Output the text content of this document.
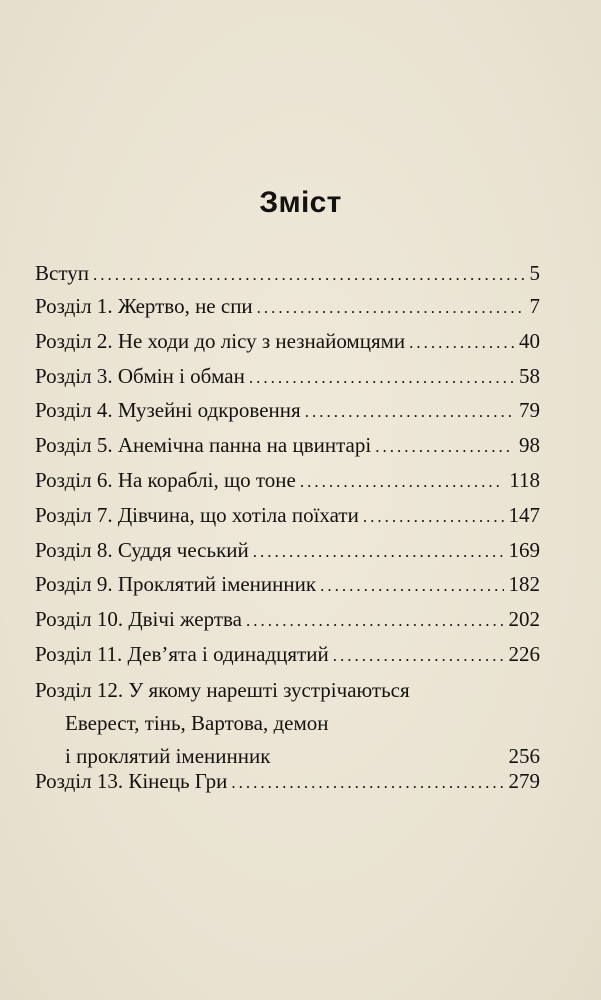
Зміст
Вступ .....	5
Розділ 1. Жертво, не спи .....	7
Розділ 2. Не ходи до лісу з незнайомцями .....	40
Розділ 3. Обмін і обман .....	58
Розділ 4. Музейні одкровення .....	79
Розділ 5. Анемічна панна на цвинтарі .....	98
Розділ 6. На кораблі, що тоне .....	118
Розділ 7. Дівчина, що хотіла поїхати .....	147
Розділ 8. Суддя чеський .....	169
Розділ 9. Проклятий іменинник .....	182
Розділ 10. Двічі жертва .....	202
Розділ 11. Дев’ята і одинадцятий .....	226
Розділ 12. У якому нарешті зустрічаються
Еверест, тінь, Вартова, демон
і проклятий іменинник	256
Розділ 13. Кінець Гри .....	279
